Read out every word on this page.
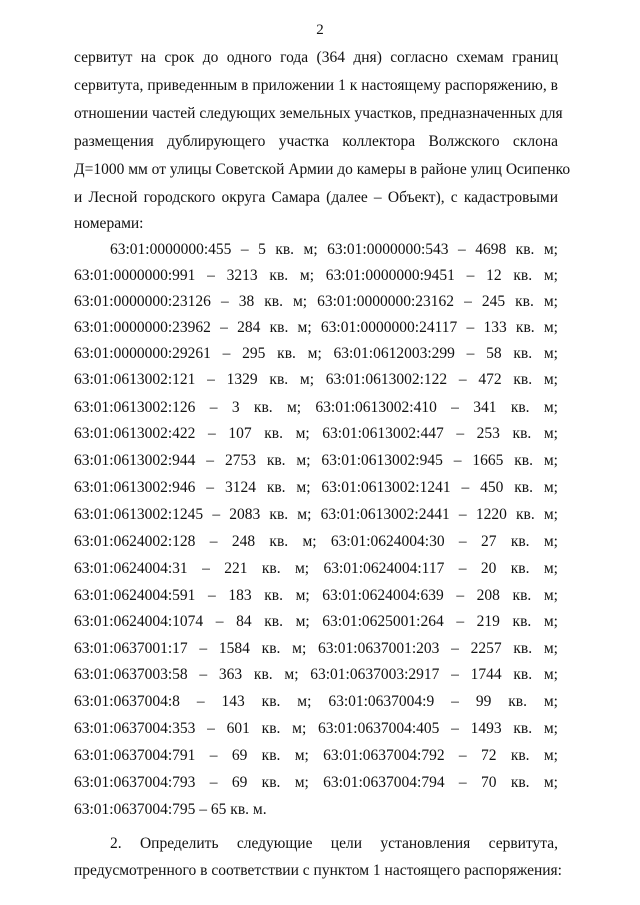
2
сервитут на срок до одного года (364 дня) согласно схемам границ
сервитута, приведенным в приложении 1 к настоящему распоряжению, в
отношении частей следующих земельных участков, предназначенных для
размещения дублирующего участка коллектора Волжского склона
Д=1000 мм от улицы Советской Армии до камеры в районе улиц Осипенко
и Лесной городского округа Самара (далее – Объект), с кадастровыми
номерами:
63:01:0000000:455 – 5 кв. м; 63:01:0000000:543 – 4698 кв. м;
63:01:0000000:991 – 3213 кв. м; 63:01:0000000:9451 – 12 кв. м;
63:01:0000000:23126 – 38 кв. м; 63:01:0000000:23162 – 245 кв. м;
63:01:0000000:23962 – 284 кв. м; 63:01:0000000:24117 – 133 кв. м;
63:01:0000000:29261 – 295 кв. м; 63:01:0612003:299 – 58 кв. м;
63:01:0613002:121 – 1329 кв. м; 63:01:0613002:122 – 472 кв. м;
63:01:0613002:126 – 3 кв. м; 63:01:0613002:410 – 341 кв. м;
63:01:0613002:422 – 107 кв. м; 63:01:0613002:447 – 253 кв. м;
63:01:0613002:944 – 2753 кв. м; 63:01:0613002:945 – 1665 кв. м;
63:01:0613002:946 – 3124 кв. м; 63:01:0613002:1241 – 450 кв. м;
63:01:0613002:1245 – 2083 кв. м; 63:01:0613002:2441 – 1220 кв. м;
63:01:0624002:128 – 248 кв. м; 63:01:0624004:30 – 27 кв. м;
63:01:0624004:31 – 221 кв. м; 63:01:0624004:117 – 20 кв. м;
63:01:0624004:591 – 183 кв. м; 63:01:0624004:639 – 208 кв. м;
63:01:0624004:1074 – 84 кв. м; 63:01:0625001:264 – 219 кв. м;
63:01:0637001:17 – 1584 кв. м; 63:01:0637001:203 – 2257 кв. м;
63:01:0637003:58 – 363 кв. м; 63:01:0637003:2917 – 1744 кв. м;
63:01:0637004:8 – 143 кв. м; 63:01:0637004:9 – 99 кв. м;
63:01:0637004:353 – 601 кв. м; 63:01:0637004:405 – 1493 кв. м;
63:01:0637004:791 – 69 кв. м; 63:01:0637004:792 – 72 кв. м;
63:01:0637004:793 – 69 кв. м; 63:01:0637004:794 – 70 кв. м;
63:01:0637004:795 – 65 кв. м.
2. Определить следующие цели установления сервитута,
предусмотренного в соответствии с пунктом 1 настоящего распоряжения:
